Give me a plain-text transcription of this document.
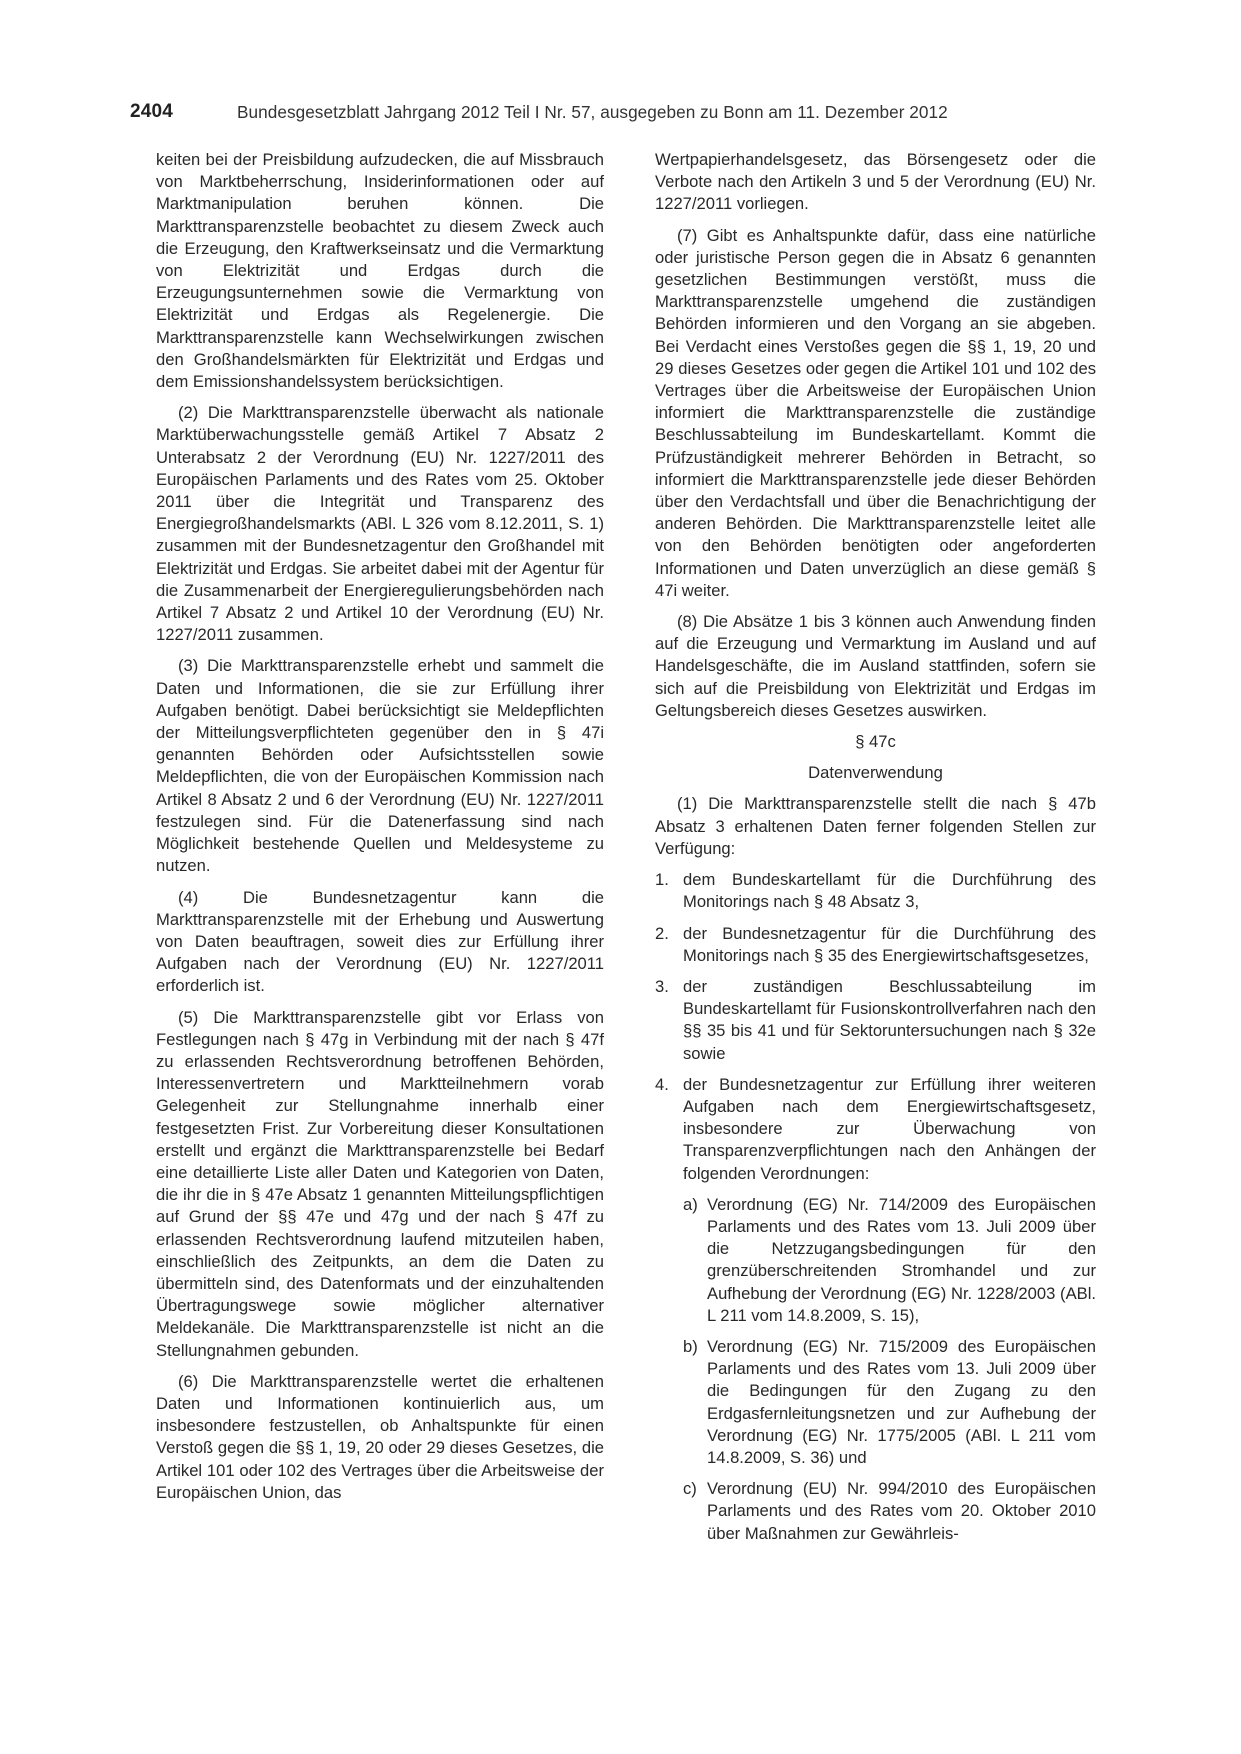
2404	Bundesgesetzblatt Jahrgang 2012 Teil I Nr. 57, ausgegeben zu Bonn am 11. Dezember 2012

keiten bei der Preisbildung aufzudecken, die auf Missbrauch von Marktbeherrschung, Insiderinformationen oder auf Marktmanipulation beruhen können. Die Markttransparenzstelle beobachtet zu diesem Zweck auch die Erzeugung, den Kraftwerkseinsatz und die Vermarktung von Elektrizität und Erdgas durch die Erzeugungsunternehmen sowie die Vermarktung von Elektrizität und Erdgas als Regelenergie. Die Markttransparenzstelle kann Wechselwirkungen zwischen den Großhandelsmärkten für Elektrizität und Erdgas und dem Emissionshandelssystem berücksichtigen.

(2) Die Markttransparenzstelle überwacht als nationale Marktüberwachungsstelle gemäß Artikel 7 Absatz 2 Unterabsatz 2 der Verordnung (EU) Nr. 1227/2011 des Europäischen Parlaments und des Rates vom 25. Oktober 2011 über die Integrität und Transparenz des Energiegroßhandelsmarkts (ABl. L 326 vom 8.12.2011, S. 1) zusammen mit der Bundesnetzagentur den Großhandel mit Elektrizität und Erdgas. Sie arbeitet dabei mit der Agentur für die Zusammenarbeit der Energieregulierungsbehörden nach Artikel 7 Absatz 2 und Artikel 10 der Verordnung (EU) Nr. 1227/2011 zusammen.

(3) Die Markttransparenzstelle erhebt und sammelt die Daten und Informationen, die sie zur Erfüllung ihrer Aufgaben benötigt. Dabei berücksichtigt sie Meldepflichten der Mitteilungsverpflichteten gegenüber den in § 47i genannten Behörden oder Aufsichtsstellen sowie Meldepflichten, die von der Europäischen Kommission nach Artikel 8 Absatz 2 und 6 der Verordnung (EU) Nr. 1227/2011 festzulegen sind. Für die Datenerfassung sind nach Möglichkeit bestehende Quellen und Meldesysteme zu nutzen.

(4) Die Bundesnetzagentur kann die Markttransparenzstelle mit der Erhebung und Auswertung von Daten beauftragen, soweit dies zur Erfüllung ihrer Aufgaben nach der Verordnung (EU) Nr. 1227/2011 erforderlich ist.

(5) Die Markttransparenzstelle gibt vor Erlass von Festlegungen nach § 47g in Verbindung mit der nach § 47f zu erlassenden Rechtsverordnung betroffenen Behörden, Interessenvertretern und Marktteilnehmern vorab Gelegenheit zur Stellungnahme innerhalb einer festgesetzten Frist. Zur Vorbereitung dieser Konsultationen erstellt und ergänzt die Markttransparenzstelle bei Bedarf eine detaillierte Liste aller Daten und Kategorien von Daten, die ihr die in § 47e Absatz 1 genannten Mitteilungspflichtigen auf Grund der §§ 47e und 47g und der nach § 47f zu erlassenden Rechtsverordnung laufend mitzuteilen haben, einschließlich des Zeitpunkts, an dem die Daten zu übermitteln sind, des Datenformats und der einzuhaltenden Übertragungswege sowie möglicher alternativer Meldekanäle. Die Markttransparenzstelle ist nicht an die Stellungnahmen gebunden.

(6) Die Markttransparenzstelle wertet die erhaltenen Daten und Informationen kontinuierlich aus, um insbesondere festzustellen, ob Anhaltspunkte für einen Verstoß gegen die §§ 1, 19, 20 oder 29 dieses Gesetzes, die Artikel 101 oder 102 des Vertrages über die Arbeitsweise der Europäischen Union, das

Wertpapierhandelsgesetz, das Börsengesetz oder die Verbote nach den Artikeln 3 und 5 der Verordnung (EU) Nr. 1227/2011 vorliegen.

(7) Gibt es Anhaltspunkte dafür, dass eine natürliche oder juristische Person gegen die in Absatz 6 genannten gesetzlichen Bestimmungen verstößt, muss die Markttransparenzstelle umgehend die zuständigen Behörden informieren und den Vorgang an sie abgeben. Bei Verdacht eines Verstoßes gegen die §§ 1, 19, 20 und 29 dieses Gesetzes oder gegen die Artikel 101 und 102 des Vertrages über die Arbeitsweise der Europäischen Union informiert die Markttransparenzstelle die zuständige Beschlussabteilung im Bundeskartellamt. Kommt die Prüfzuständigkeit mehrerer Behörden in Betracht, so informiert die Markttransparenzstelle jede dieser Behörden über den Verdachtsfall und über die Benachrichtigung der anderen Behörden. Die Markttransparenzstelle leitet alle von den Behörden benötigten oder angeforderten Informationen und Daten unverzüglich an diese gemäß § 47i weiter.

(8) Die Absätze 1 bis 3 können auch Anwendung finden auf die Erzeugung und Vermarktung im Ausland und auf Handelsgeschäfte, die im Ausland stattfinden, sofern sie sich auf die Preisbildung von Elektrizität und Erdgas im Geltungsbereich dieses Gesetzes auswirken.

§ 47c

Datenverwendung

(1) Die Markttransparenzstelle stellt die nach § 47b Absatz 3 erhaltenen Daten ferner folgenden Stellen zur Verfügung:

1. dem Bundeskartellamt für die Durchführung des Monitorings nach § 48 Absatz 3,
2. der Bundesnetzagentur für die Durchführung des Monitorings nach § 35 des Energiewirtschaftsgesetzes,
3. der zuständigen Beschlussabteilung im Bundeskartellamt für Fusionskontrollverfahren nach den §§ 35 bis 41 und für Sektoruntersuchungen nach § 32e sowie
4. der Bundesnetzagentur zur Erfüllung ihrer weiteren Aufgaben nach dem Energiewirtschaftsgesetz, insbesondere zur Überwachung von Transparenzverpflichtungen nach den Anhängen der folgenden Verordnungen:
a) Verordnung (EG) Nr. 714/2009 des Europäischen Parlaments und des Rates vom 13. Juli 2009 über die Netzzugangsbedingungen für den grenzüberschreitenden Stromhandel und zur Aufhebung der Verordnung (EG) Nr. 1228/2003 (ABl. L 211 vom 14.8.2009, S. 15),
b) Verordnung (EG) Nr. 715/2009 des Europäischen Parlaments und des Rates vom 13. Juli 2009 über die Bedingungen für den Zugang zu den Erdgasfernleitungsnetzen und zur Aufhebung der Verordnung (EG) Nr. 1775/2005 (ABl. L 211 vom 14.8.2009, S. 36) und
c) Verordnung (EU) Nr. 994/2010 des Europäischen Parlaments und des Rates vom 20. Oktober 2010 über Maßnahmen zur Gewährleis-
